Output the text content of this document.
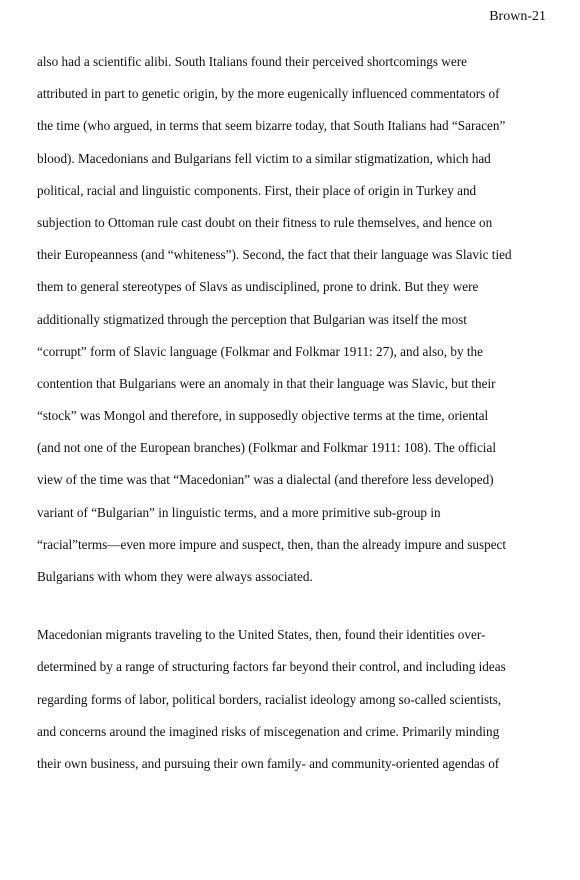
Brown-21
also had a scientific alibi. South Italians found their perceived shortcomings were
attributed in part to genetic origin, by the more eugenically influenced commentators of
the time (who argued, in terms that seem bizarre today, that South Italians had “Saracen”
blood). Macedonians and Bulgarians fell victim to a similar stigmatization, which had
political, racial and linguistic components. First, their place of origin in Turkey and
subjection to Ottoman rule cast doubt on their fitness to rule themselves, and hence on
their Europeanness (and “whiteness”). Second, the fact that their language was Slavic tied
them to general stereotypes of Slavs as undisciplined, prone to drink. But they were
additionally stigmatized through the perception that Bulgarian was itself the most
“corrupt” form of Slavic language (Folkmar and Folkmar 1911: 27), and also, by the
contention that Bulgarians were an anomaly in that their language was Slavic, but their
“stock” was Mongol and therefore, in supposedly objective terms at the time, oriental
(and not one of the European branches) (Folkmar and Folkmar 1911: 108). The official
view of the time was that “Macedonian” was a dialectal (and therefore less developed)
variant of “Bulgarian” in linguistic terms, and a more primitive sub-group in
“racial”terms—even more impure and suspect, then, than the already impure and suspect
Bulgarians with whom they were always associated.
Macedonian migrants traveling to the United States, then, found their identities over-
determined by a range of structuring factors far beyond their control, and including ideas
regarding forms of labor, political borders, racialist ideology among so-called scientists,
and concerns around the imagined risks of miscegenation and crime. Primarily minding
their own business, and pursuing their own family- and community-oriented agendas of
